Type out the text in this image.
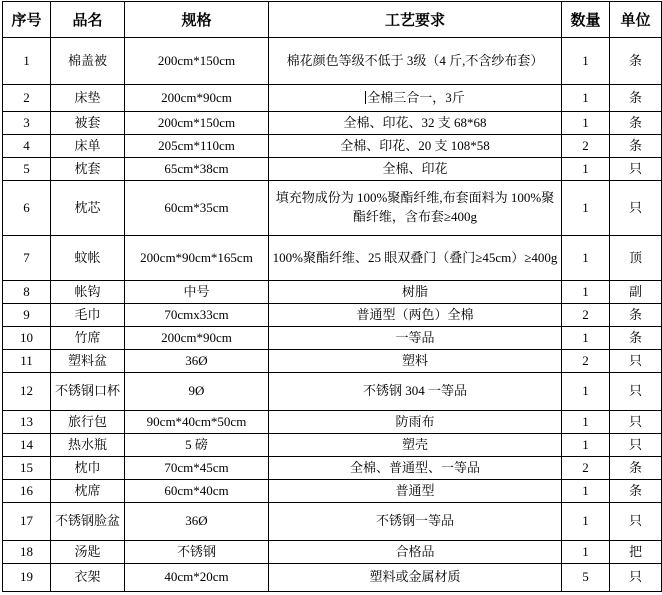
序号	品名	规格	工艺要求	数量	单位
1	棉盖被	200cm*150cm	棉花颜色等级不低于 3级（4 斤,不含纱布套）	1	条
2	床垫	200cm*90cm	全棉三合一，3斤	1	条
3	被套	200cm*150cm	全棉、印花、32 支 68*68	1	条
4	床单	205cm*110cm	全棉、印花、20 支 108*58	2	条
5	枕套	65cm*38cm	全棉、印花	1	只
6	枕芯	60cm*35cm	填充物成份为 100%聚酯纤维,布套面料为 100%聚酯纤维，含布套≥400g	1	只
7	蚊帐	200cm*90cm*165cm	100%聚酯纤维、25 眼双叠门（叠门≥45cm）≥400g	1	顶
8	帐钩	中号	树脂	1	副
9	毛巾	70cmx33cm	普通型（两色）全棉	2	条
10	竹席	200cm*90cm	一等品	1	条
11	塑料盆	36Ø	塑料	2	只
12	不锈钢口杯	9Ø	不锈钢 304 一等品	1	只
13	旅行包	90cm*40cm*50cm	防雨布	1	只
14	热水瓶	5 磅	塑壳	1	只
15	枕巾	70cm*45cm	全棉、普通型、一等品	2	条
16	枕席	60cm*40cm	普通型	1	条
17	不锈钢脸盆	36Ø	不锈钢一等品	1	只
18	汤匙	不锈钢	合格品	1	把
19	衣架	40cm*20cm	塑料或金属材质	5	只
